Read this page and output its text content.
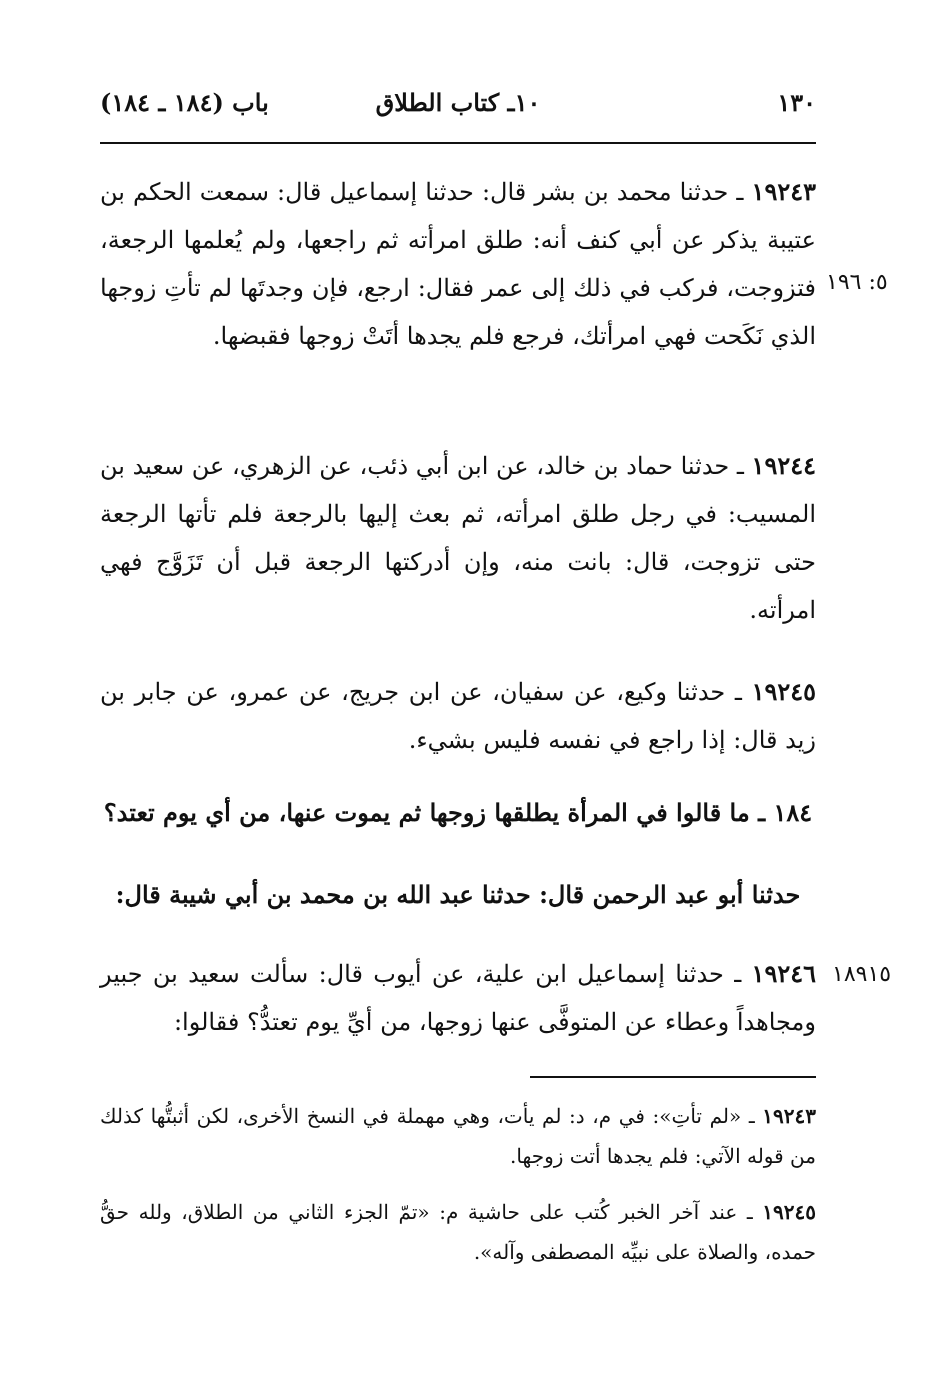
١٣٠
١٠ـ كتاب الطلاق
باب (١٨٤ ـ ١٨٤)
١٩٢٤٣ ـ حدثنا محمد بن بشر قال: حدثنا إسماعيل قال: سمعت الحكم بن عتيبة يذكر عن أبي كنف أنه: طلق امرأته ثم راجعها، ولم يُعلمها الرجعة، فتزوجت، فركب في ذلك إلى عمر فقال: ارجع، فإن وجدتَها لم تأتِ زوجها الذي نَكَحت فهي امرأتك، فرجع فلم يجدها أتَتْ زوجها فقبضها.
٥: ١٩٦
١٩٢٤٤ ـ حدثنا حماد بن خالد، عن ابن أبي ذئب، عن الزهري، عن سعيد بن المسيب: في رجل طلق امرأته، ثم بعث إليها بالرجعة فلم تأتها الرجعة حتى تزوجت، قال: بانت منه، وإن أدركتها الرجعة قبل أن تَزَوَّج فهي امرأته.
١٩٢٤٥ ـ حدثنا وكيع، عن سفيان، عن ابن جريج، عن عمرو، عن جابر بن زيد قال: إذا راجع في نفسه فليس بشيء.
١٨٤ ـ ما قالوا في المرأة يطلقها زوجها ثم يموت عنها، من أي يوم تعتد؟
حدثنا أبو عبد الرحمن قال: حدثنا عبد الله بن محمد بن أبي شيبة قال:
١٩٢٤٦ ـ حدثنا إسماعيل ابن علية، عن أيوب قال: سألت سعيد بن جبير ومجاهداً وعطاء عن المتوفَّى عنها زوجها، من أيِّ يوم تعتدُّ؟ فقالوا:
١٨٩١٥
١٩٢٤٣ ـ «لم تأتِ»: في م، د: لم يأت، وهي مهملة في النسخ الأخرى، لكن أثبتُّها كذلك من قوله الآتي: فلم يجدها أتت زوجها.
١٩٢٤٥ ـ عند آخر الخبر كُتب على حاشية م: «تمّ الجزء الثاني من الطلاق، ولله حقُّ حمده، والصلاة على نبيِّه المصطفى وآله».
